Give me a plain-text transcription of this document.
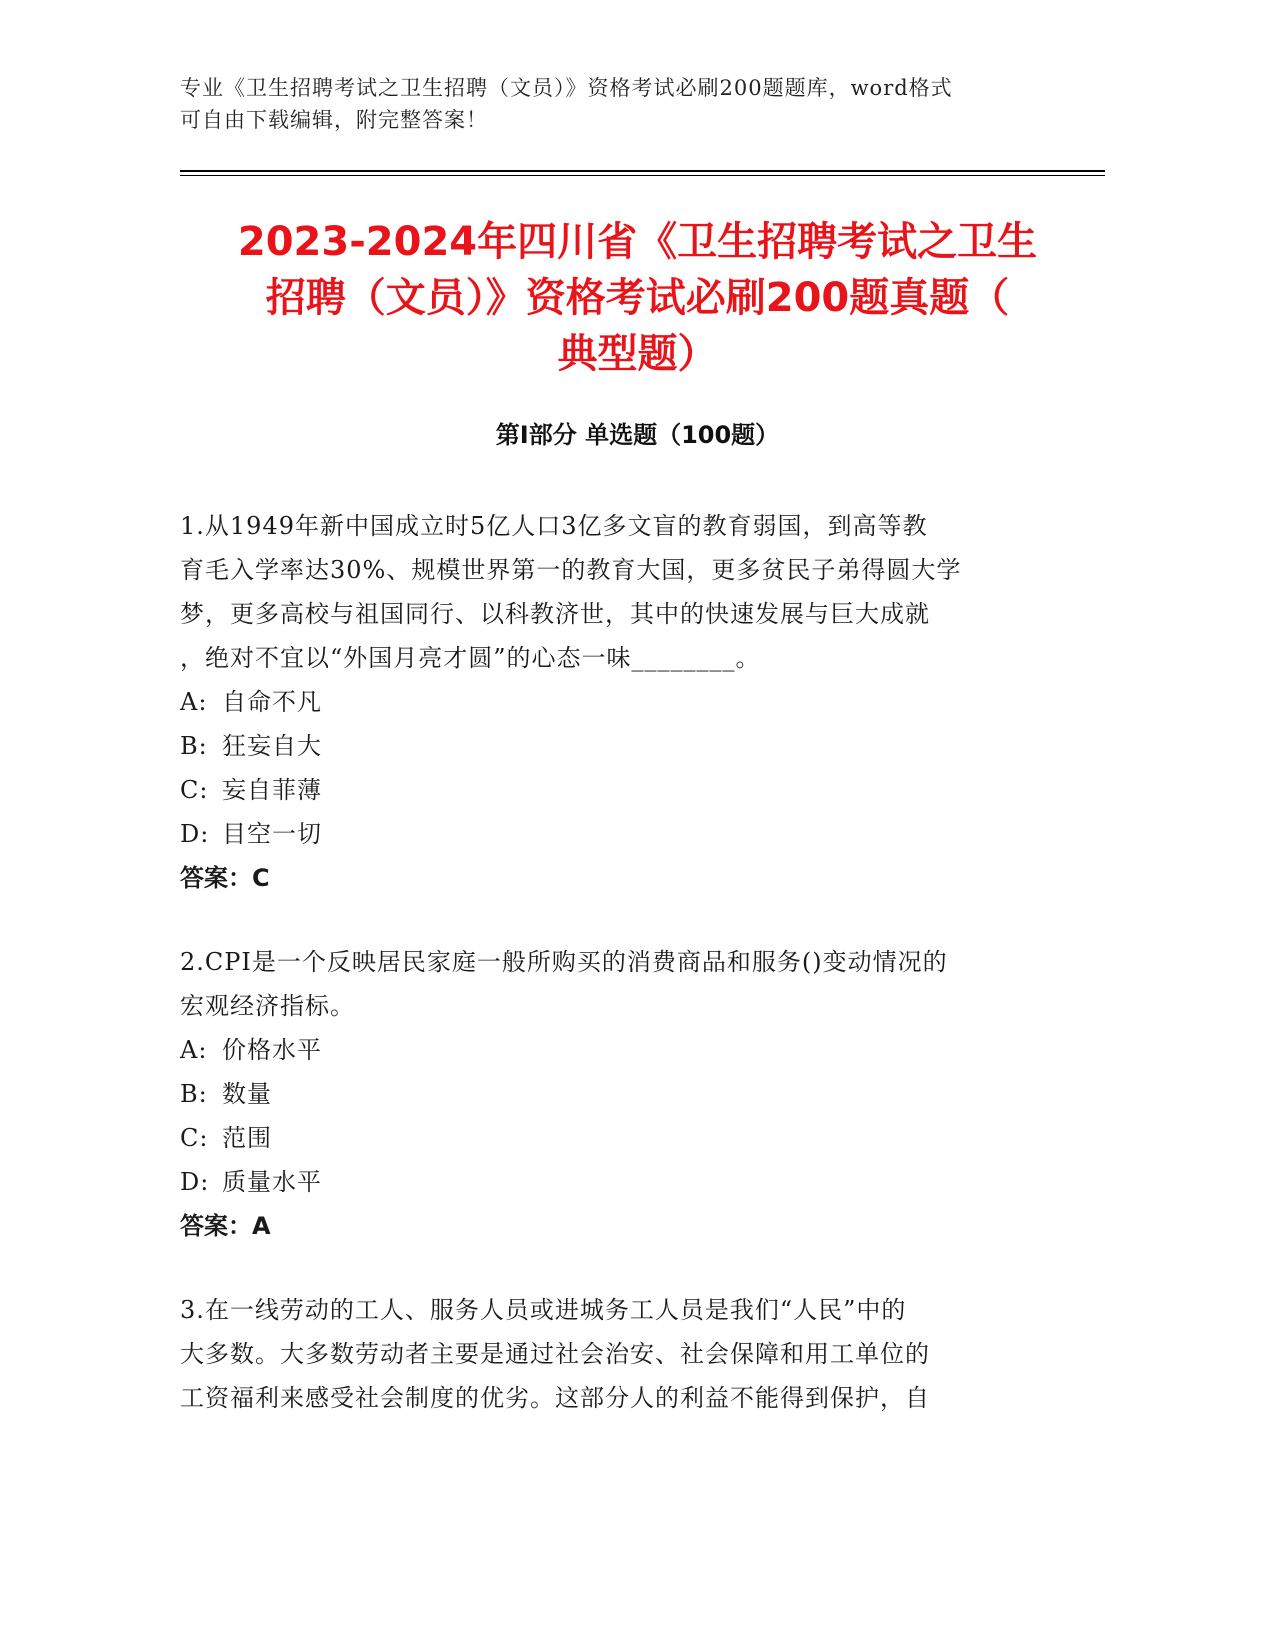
专业《卫生招聘考试之卫生招聘（文员）》资格考试必刷200题题库，word格式
可自由下载编辑，附完整答案！
2023-2024年四川省《卫生招聘考试之卫生
招聘（文员）》资格考试必刷200题真题（
典型题）
第Ⅰ部分 单选题（100题）
1.从1949年新中国成立时5亿人口3亿多文盲的教育弱国，到高等教
育毛入学率达30%、规模世界第一的教育大国，更多贫民子弟得圆大学
梦，更多高校与祖国同行、以科教济世，其中的快速发展与巨大成就
，绝对不宜以“外国月亮才圆”的心态一味________。
A: 自命不凡
B: 狂妄自大
C: 妄自菲薄
D: 目空一切
答案：C
2.CPI是一个反映居民家庭一般所购买的消费商品和服务()变动情况的
宏观经济指标。
A: 价格水平
B: 数量
C: 范围
D: 质量水平
答案：A
3.在一线劳动的工人、服务人员或进城务工人员是我们“人民”中的
大多数。大多数劳动者主要是通过社会治安、社会保障和用工单位的
工资福利来感受社会制度的优劣。这部分人的利益不能得到保护，自
